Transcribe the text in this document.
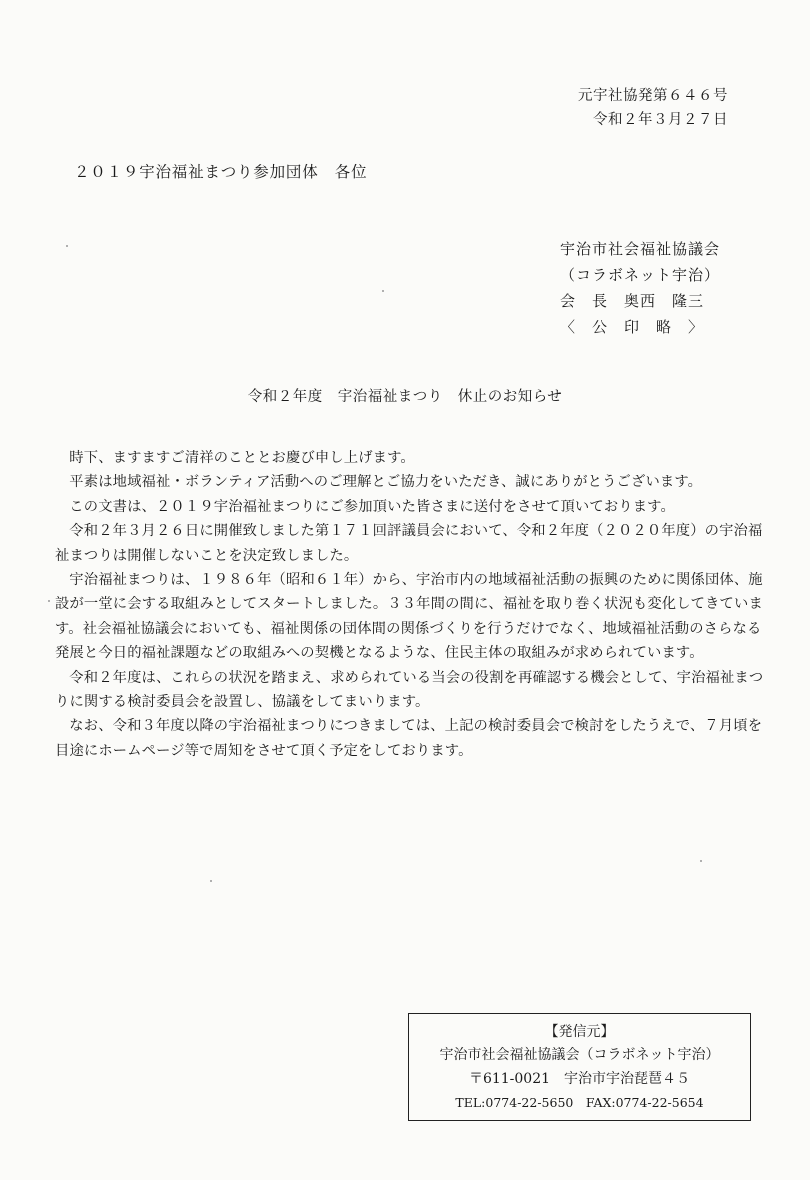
元宇社協発第６４６号
令和２年３月２７日
２０１９宇治福祉まつり参加団体　各位
宇治市社会福祉協議会
（コラボネット宇治）
会　長　奥西　隆三
〈　公　印　略　〉
令和２年度　宇治福祉まつり　休止のお知らせ

時下、ますますご清祥のこととお慶び申し上げます。

平素は地域福祉・ボランティア活動へのご理解とご協力をいただき、誠にありがとうございます。

この文書は、２０１９宇治福祉まつりにご参加頂いた皆さまに送付をさせて頂いております。

令和２年３月２６日に開催致しました第１７１回評議員会において、令和２年度（２０２０年度）の宇治福祉まつりは開催しないことを決定致しました。

宇治福祉まつりは、１９８６年（昭和６１年）から、宇治市内の地域福祉活動の振興のために関係団体、施設が一堂に会する取組みとしてスタートしました。３３年間の間に、福祉を取り巻く状況も変化してきています。社会福祉協議会においても、福祉関係の団体間の関係づくりを行うだけでなく、地域福祉活動のさらなる発展と今日的福祉課題などの取組みへの契機となるような、住民主体の取組みが求められています。

令和２年度は、これらの状況を踏まえ、求められている当会の役割を再確認する機会として、宇治福祉まつりに関する検討委員会を設置し、協議をしてまいります。

なお、令和３年度以降の宇治福祉まつりにつきましては、上記の検討委員会で検討をしたうえで、７月頃を目途にホームページ等で周知をさせて頂く予定をしております。

【発信元】
宇治市社会福祉協議会（コラボネット宇治）
〒611-0021　宇治市宇治琵琶４５
TEL:0774-22-5650　FAX:0774-22-5654
